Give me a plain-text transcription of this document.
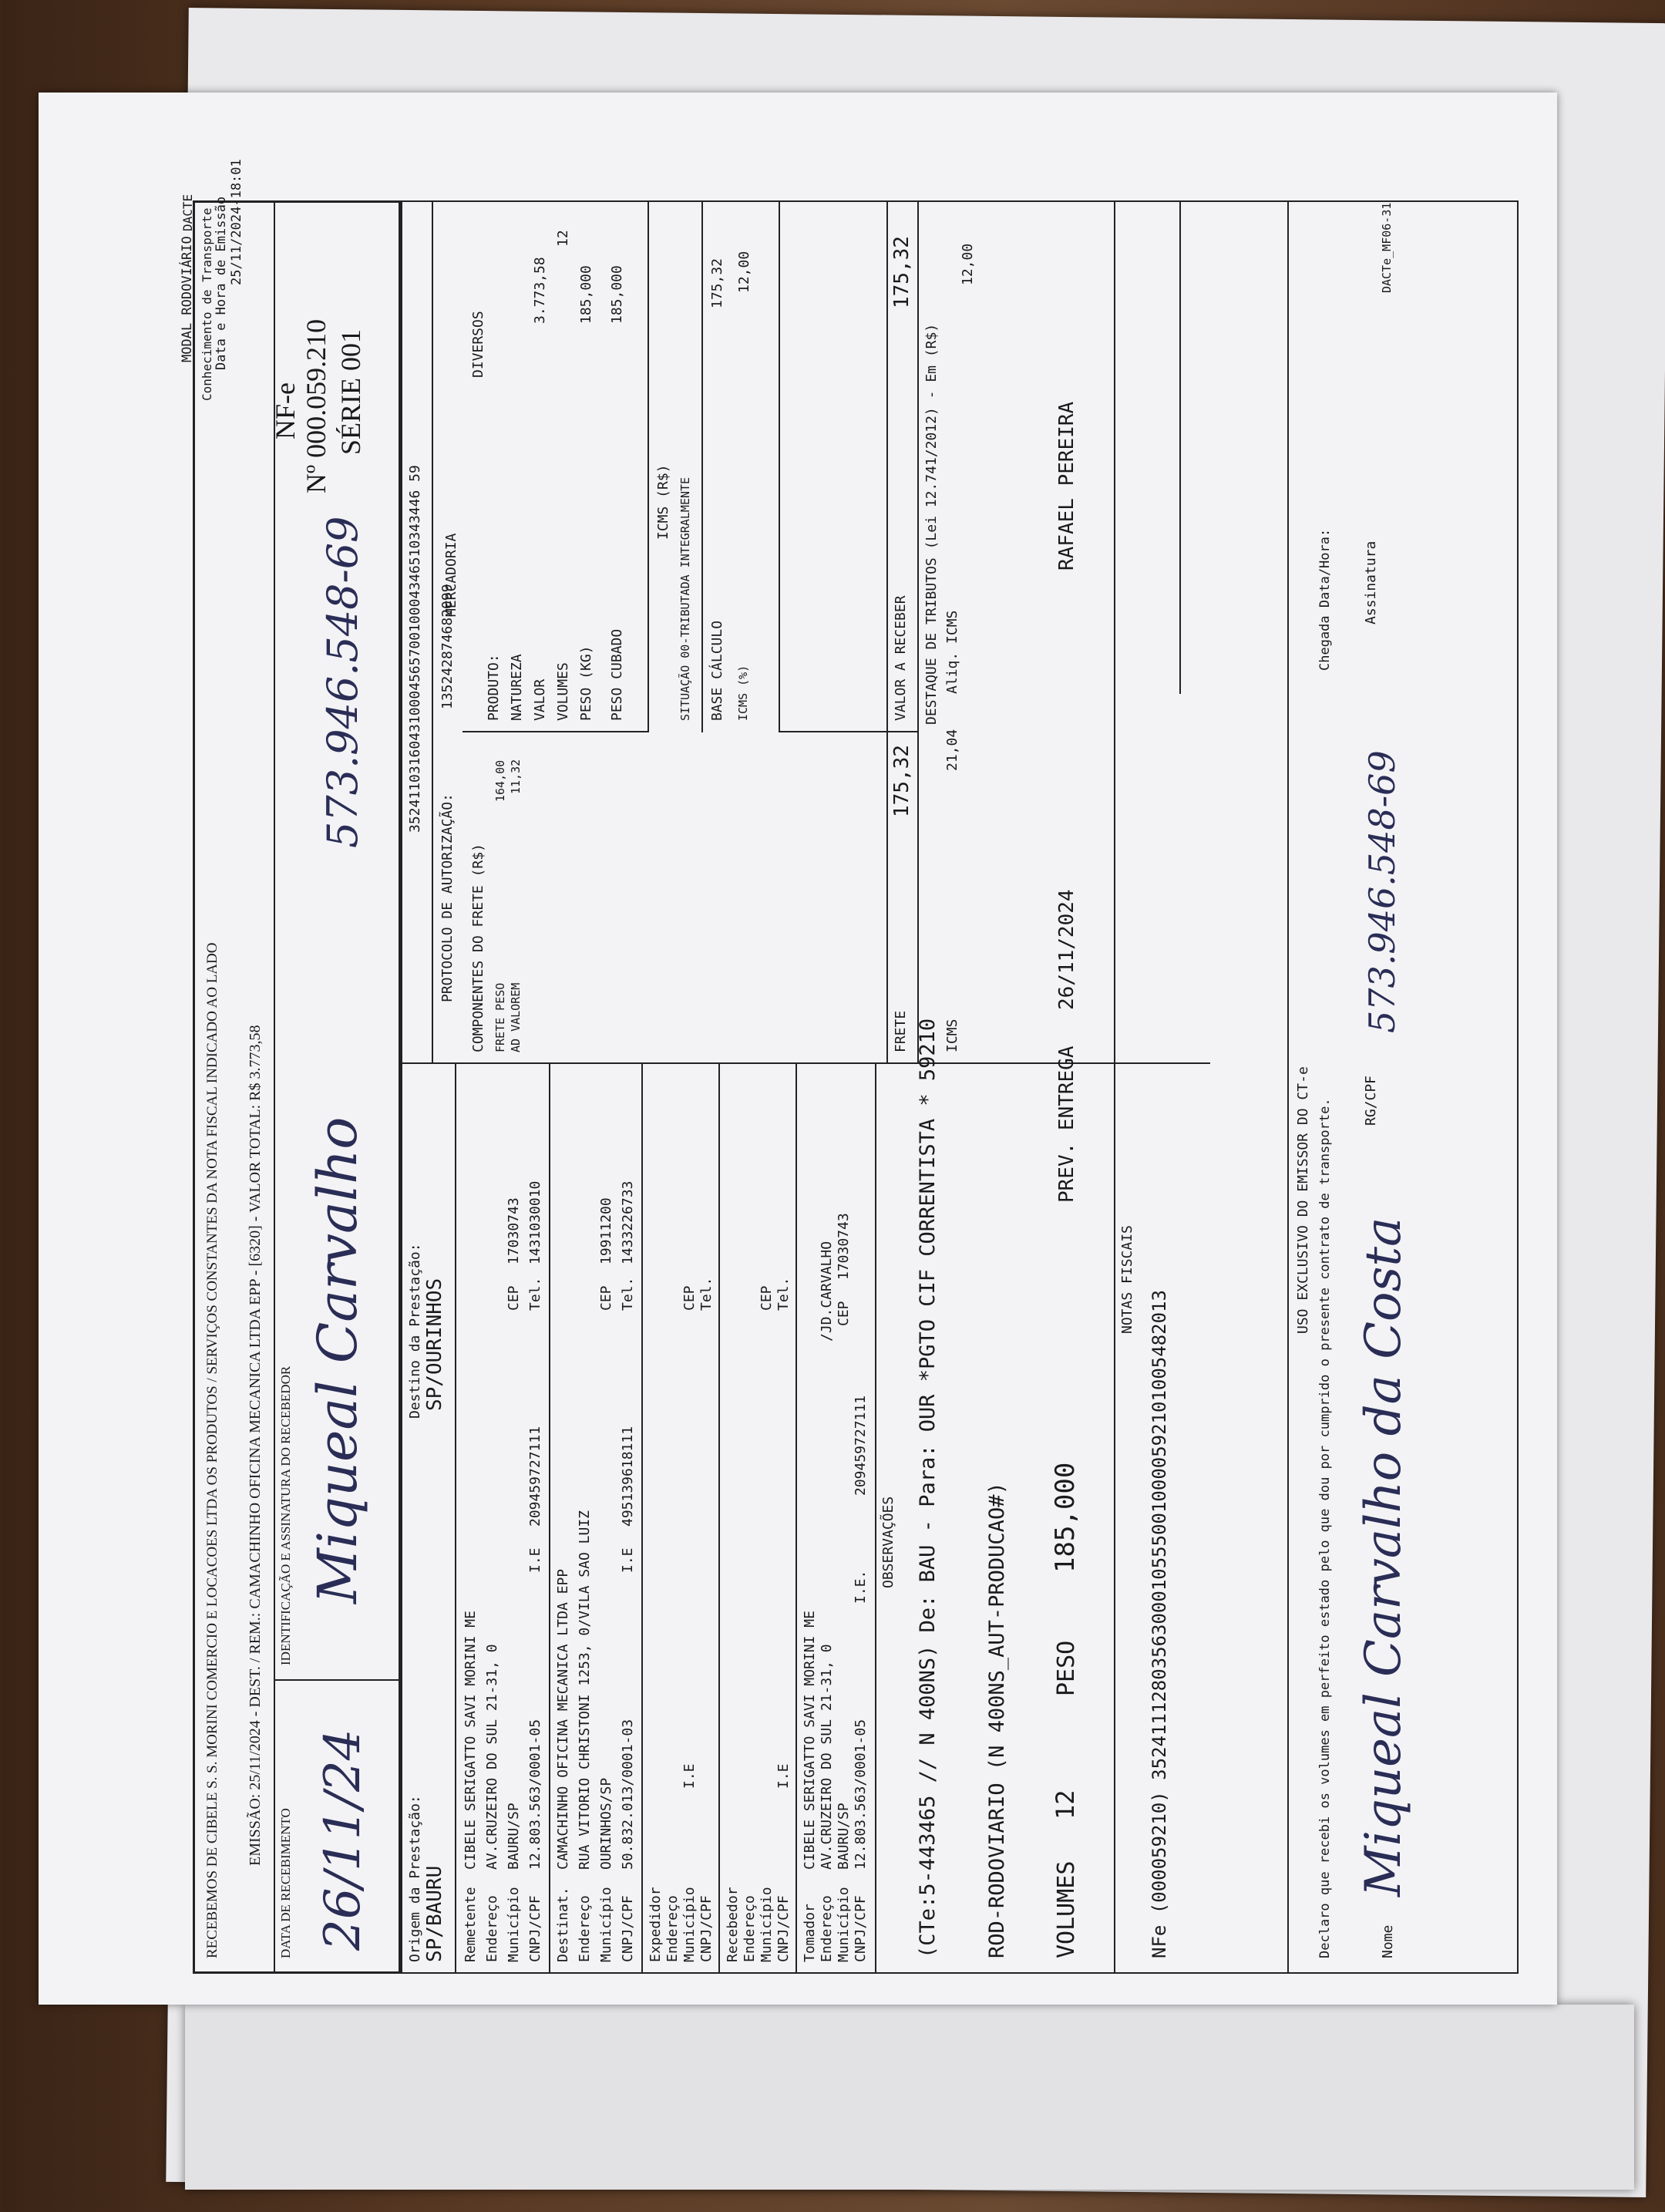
RECEBEMOS DE CIBELE S. S. MORINI COMERCIO E LOCACOES LTDA OS PRODUTOS / SERVIÇOS CONSTANTES DA NOTA FISCAL INDICADO AO LADO EMISSÃO: 25/11/2024 - DEST. / REM.: CAMACHINHO OFICINA MECANICA LTDA EPP - [6320] - VALOR TOTAL: R$ 3.773,58
DATA DE RECEBIMENTO
IDENTIFICAÇÃO E ASSINATURA DO RECEBEDOR
26/11/24
Miqueal Carvalho
573.946.548-69
NF-e Nº 000.059.210 SÉRIE 001
DACTE Conhecimento de Transporte
MODAL RODOVIÁRIO Data e Hora de Emissão 25/11/2024-18:01
35241103160431000456570010004346510343446 59
PROTOCOLO DE AUTORIZAÇÃO:
135242874682099
Origem da Prestação: SP/BAURU
Destino da Prestação: SP/OURINHOS
Remetente
CIBELE SERIGATTO SAVI MORINI ME
Endereço
AV.CRUZEIRO DO SUL 21-31, 0
Município
BAURU/SP
CEP
17030743
CNPJ/CPF
12.803.563/0001-05
I.E
209459727111
Tel.
1431030010
Destinat.
CAMACHINHO OFICINA MECANICA LTDA EPP
Endereço
RUA VITORIO CHRISTONI 1253, 0/VILA SAO LUIZ
Município
OURINHOS/SP
CEP
19911200
CNPJ/CPF
50.832.013/0001-03
I.E
495139618111
Tel.
1433226733
Expedidor Endereço Município CNPJ/CPF
I.E
CEP Tel.
Recebedor Endereço Município CNPJ/CPF
I.E
CEP Tel.
Tomador
CIBELE SERIGATTO SAVI MORINI ME
Endereço
AV.CRUZEIRO DO SUL 21-31, 0
/JD.CARVALHO
Município
BAURU/SP
CEP
17030743
CNPJ/CPF
12.803.563/0001-05
I.E.
209459727111
COMPONENTES DO FRETE (R$) FRETE PESO
164,00
AD VALOREM
11,32
FRETE
175,32
MERCADORIA
PRODUTO:
DIVERSOS
NATUREZA VALOR
3.773,58
VOLUMES
12
PESO (KG)
185,000
PESO CUBADO
185,000
ICMS (R$) SITUAÇÃO 00-TRIBUTADA INTEGRALMENTE BASE CÁLCULO
175,32
ICMS (%)
12,00
VALOR A RECEBER
175,32
DESTAQUE DE TRIBUTOS (Lei 12.741/2012) - Em (R$)
ICMS
21,04
Aliq. ICMS
12,00
OBSERVAÇÕES (CTe:5-443465 // N 400NS) De: BAU - Para: OUR *PGTO CIF CORRENTISTA * 59210 ROD-RODOVIARIO (N 400NS_AUT-PRODUCAO#) VOLUMES
12
PESO
185,000
PREV. ENTREGA
26/11/2024
RAFAEL PEREIRA
NOTAS FISCAIS
NFe (000059210) 35241112803563000105550010000592101005482013
USO EXCLUSIVO DO EMISSOR DO CT-e Declaro que recebi os volumes em perfeito estado pelo que dou por cumprido o presente contrato de transporte.
Chegada Data/Hora:
Nome
Miqueal Carvalho da Costa
RG/CPF
573.946.548-69
Assinatura
DACTe_MF06-31
